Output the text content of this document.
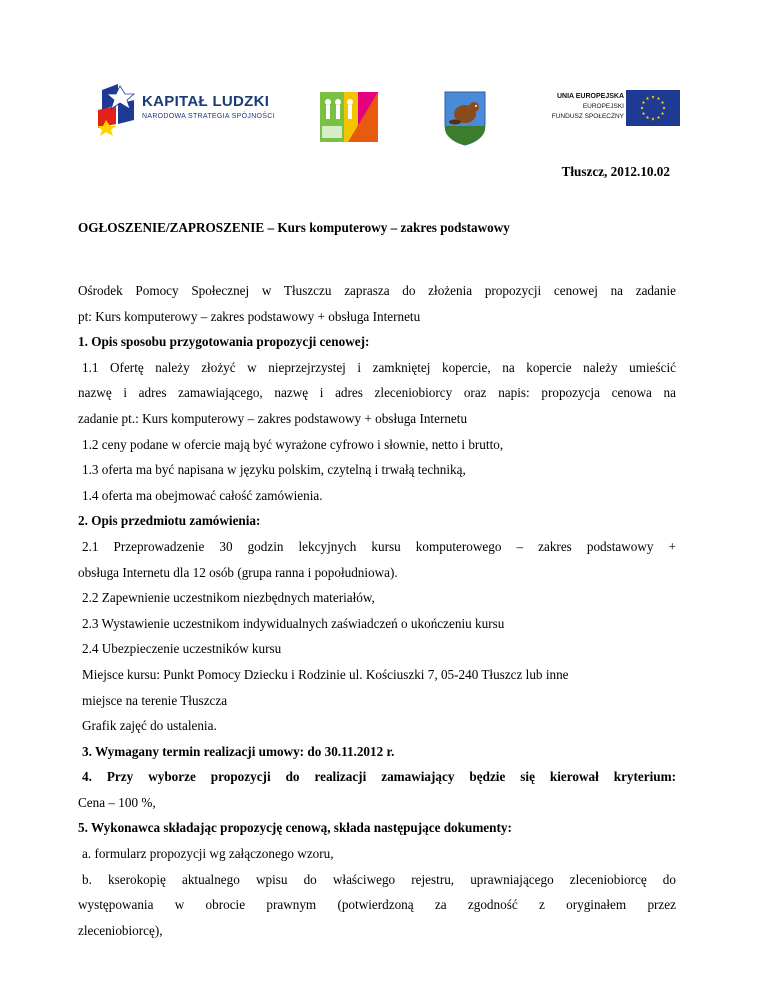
KAPITAŁ LUDZKI
NARODOWA STRATEGIA SPÓJNOŚCI
UNIA EUROPEJSKA
EUROPEJSKI
FUNDUSZ SPOŁECZNY
Tłuszcz, 2012.10.02
OGŁOSZENIE/ZAPROSZENIE – Kurs komputerowy – zakres podstawowy

Ośrodek Pomocy Społecznej w Tłuszczu zaprasza do złożenia propozycji cenowej na zadanie

pt: Kurs komputerowy – zakres podstawowy + obsługa Internetu

1. Opis sposobu przygotowania propozycji cenowej:

1.1 Ofertę należy złożyć w nieprzejrzystej i zamkniętej kopercie, na kopercie należy umieścić

nazwę i adres zamawiającego, nazwę i adres zleceniobiorcy oraz napis: propozycja cenowa na

zadanie pt.: Kurs komputerowy – zakres podstawowy + obsługa Internetu

1.2 ceny podane w ofercie mają być wyrażone cyfrowo i słownie, netto i brutto,

1.3 oferta ma być napisana w języku polskim, czytelną i trwałą techniką,

1.4 oferta ma obejmować całość zamówienia.

2. Opis przedmiotu zamówienia:

2.1 Przeprowadzenie 30 godzin lekcyjnych kursu komputerowego – zakres podstawowy +

obsługa Internetu dla 12 osób (grupa ranna i popołudniowa).

2.2 Zapewnienie uczestnikom niezbędnych materiałów,

2.3 Wystawienie uczestnikom indywidualnych zaświadczeń o ukończeniu kursu

2.4 Ubezpieczenie uczestników kursu

Miejsce kursu: Punkt Pomocy Dziecku i Rodzinie ul. Kościuszki 7, 05-240 Tłuszcz lub inne

miejsce na terenie Tłuszcza

Grafik zajęć do ustalenia.

3. Wymagany termin realizacji umowy: do 30.11.2012 r.

4. Przy wyborze propozycji do realizacji zamawiający będzie się kierował kryterium:

Cena – 100 %,

5. Wykonawca składając propozycję cenową, składa następujące dokumenty:

a. formularz propozycji wg załączonego wzoru,

b. kserokopię aktualnego wpisu do właściwego rejestru, uprawniającego zleceniobiorcę do

występowania w obrocie prawnym (potwierdzoną za zgodność z oryginałem przez

zleceniobiorcę),
